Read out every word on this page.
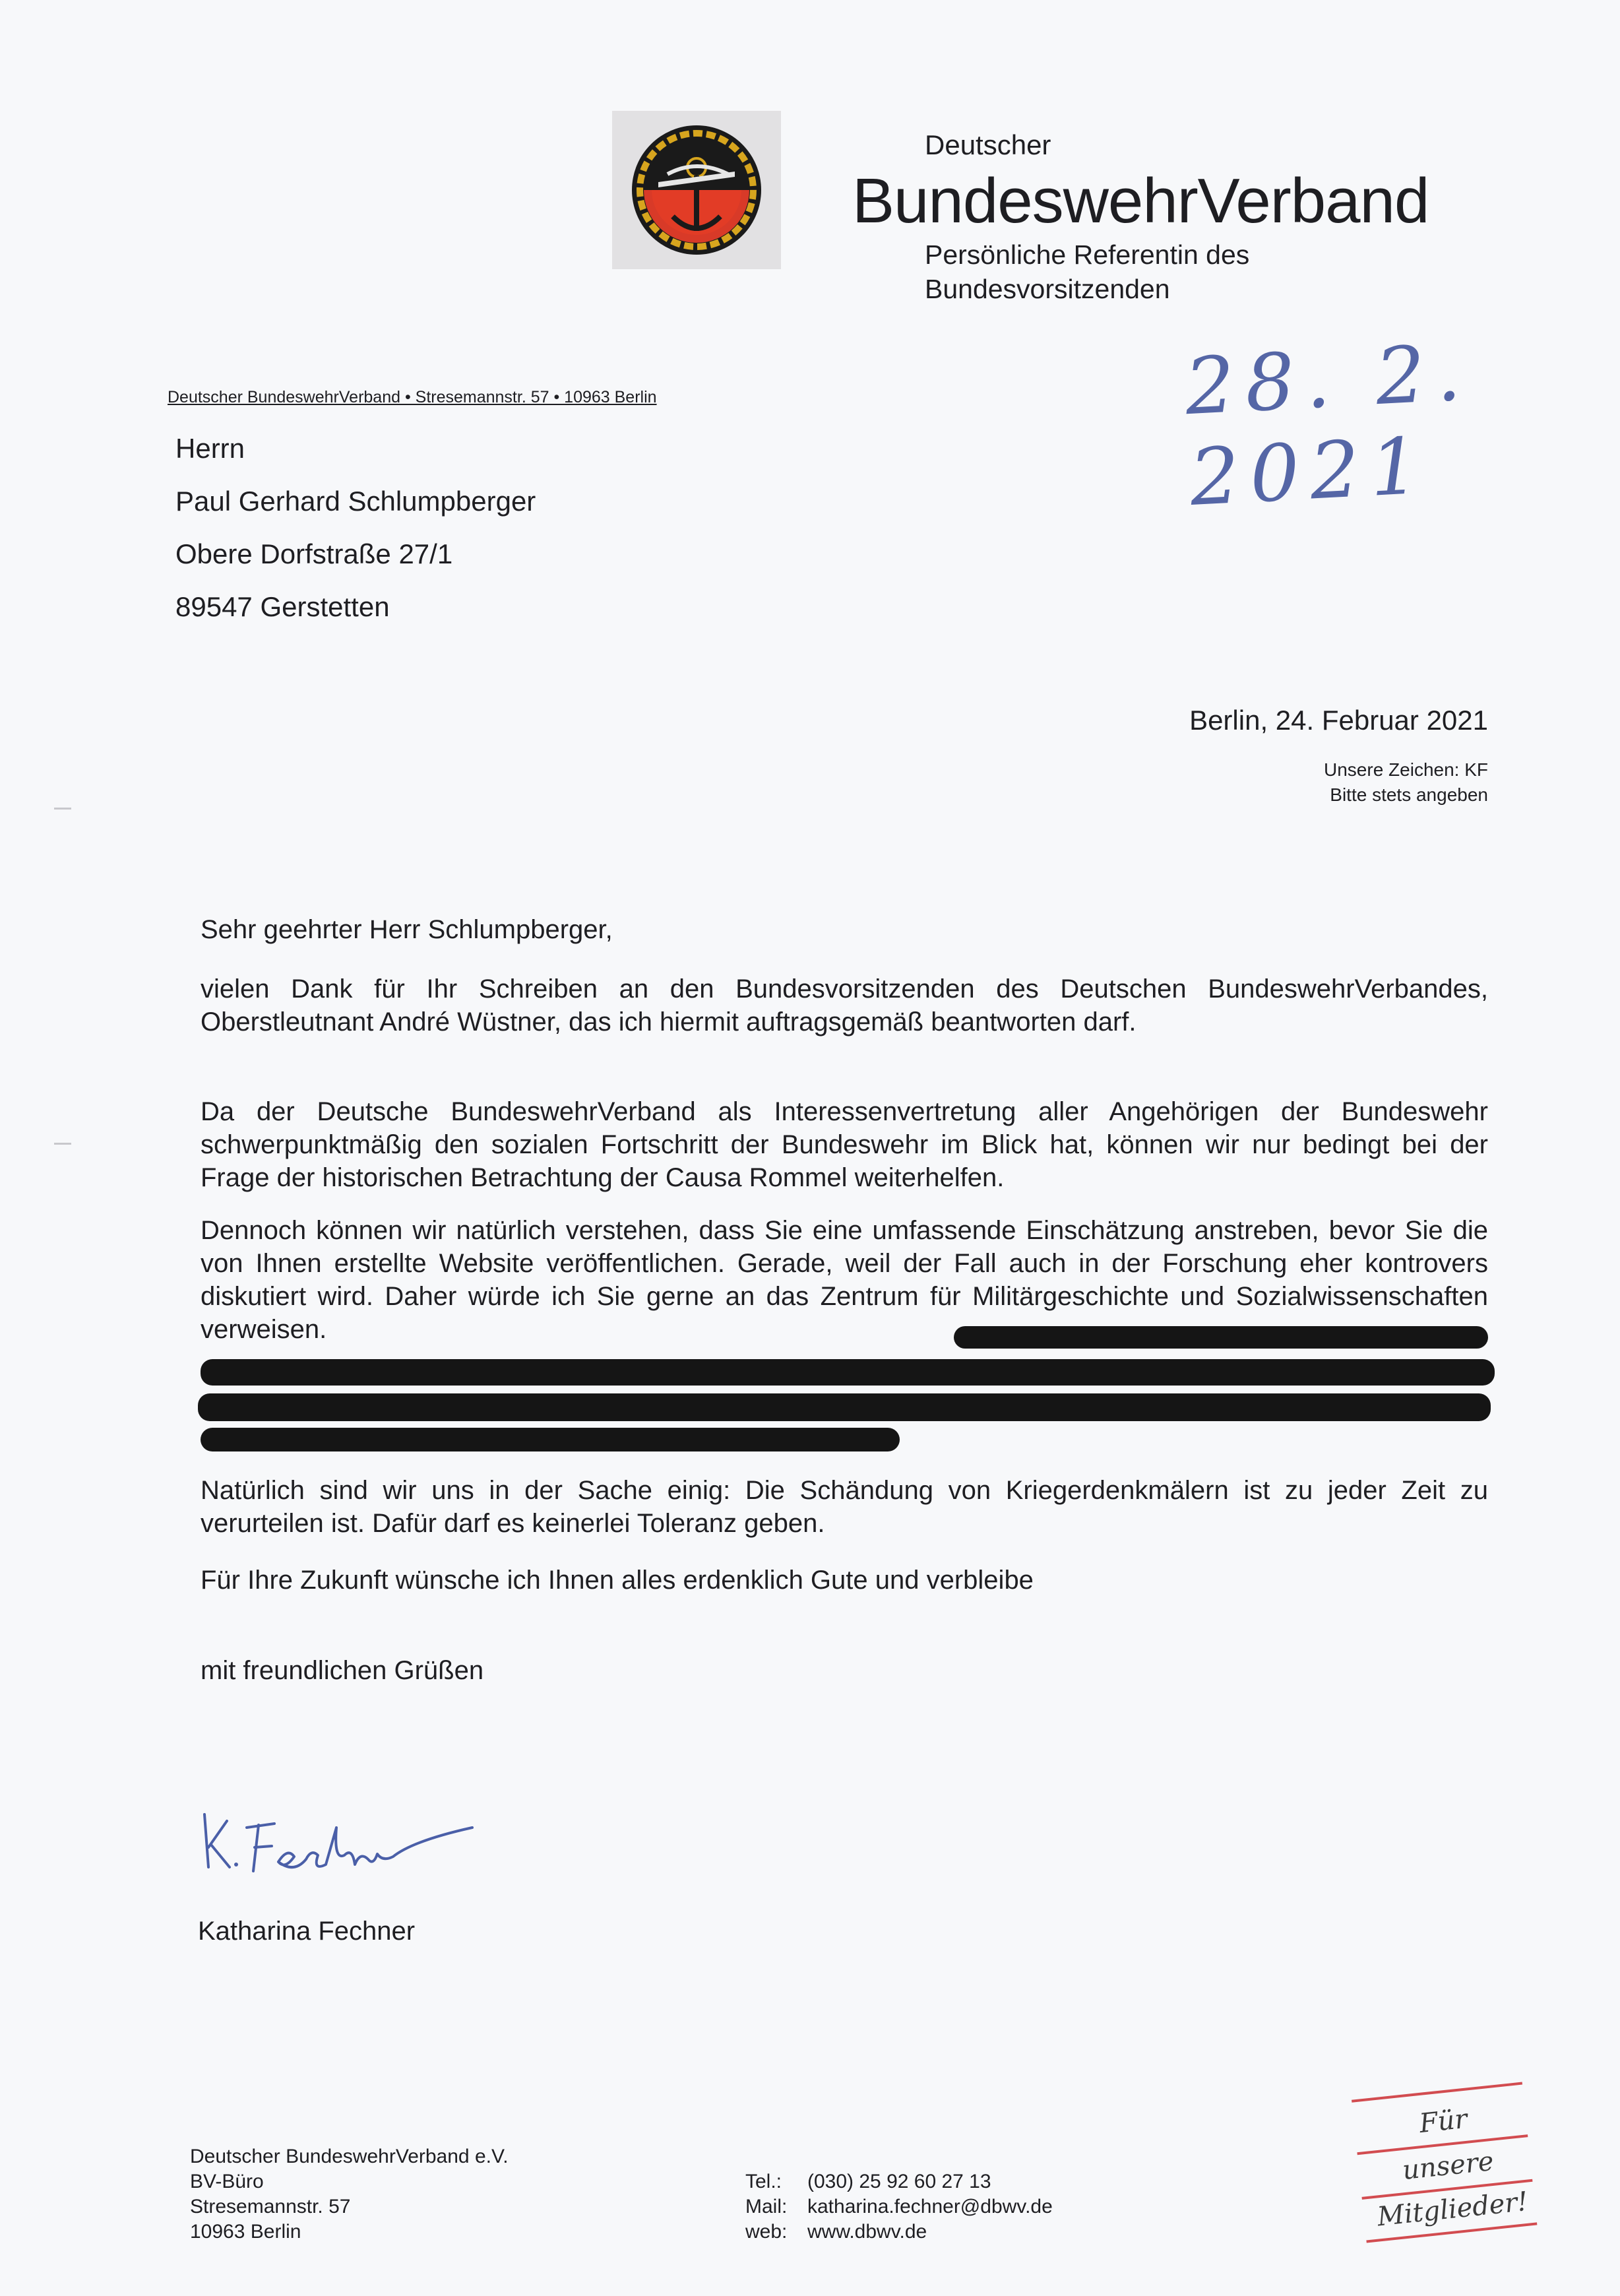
Deutscher
BundeswehrVerband
Persönliche Referentin des
Bundesvorsitzenden
28. 2. 2021
Deutscher BundeswehrVerband • Stresemannstr. 57 • 10963 Berlin
Herrn
Paul Gerhard Schlumpberger
Obere Dorfstraße 27/1
89547 Gerstetten
Berlin, 24. Februar 2021
Unsere Zeichen: KF
Bitte stets angeben
Sehr geehrter Herr Schlumpberger,
vielen Dank für Ihr Schreiben an den Bundesvorsitzenden des Deutschen BundeswehrVerbandes, Oberstleutnant André Wüstner, das ich hiermit auftragsgemäß beantworten darf.
Da der Deutsche BundeswehrVerband als Interessenvertretung aller Angehörigen der Bundeswehr schwerpunktmäßig den sozialen Fortschritt der Bundeswehr im Blick hat, können wir nur bedingt bei der Frage der historischen Betrachtung der Causa Rommel weiterhelfen.
Dennoch können wir natürlich verstehen, dass Sie eine umfassende Einschätzung anstreben, bevor Sie die von Ihnen erstellte Website veröffentlichen. Gerade, weil der Fall auch in der Forschung eher kontrovers diskutiert wird. Daher würde ich Sie gerne an das Zentrum für Militärgeschichte und Sozialwissenschaften verweisen.
Natürlich sind wir uns in der Sache einig: Die Schändung von Kriegerdenkmälern ist zu jeder Zeit zu verurteilen ist. Dafür darf es keinerlei Toleranz geben.
Für Ihre Zukunft wünsche ich Ihnen alles erdenklich Gute und verbleibe
mit freundlichen Grüßen
Katharina Fechner
Deutscher BundeswehrVerband e.V.
BV-Büro
Stresemannstr. 57
10963 Berlin
Tel.: (030) 25 92 60 27 13
Mail: katharina.fechner@dbwv.de
web: www.dbwv.de
Für
unsere
Mitglieder!
